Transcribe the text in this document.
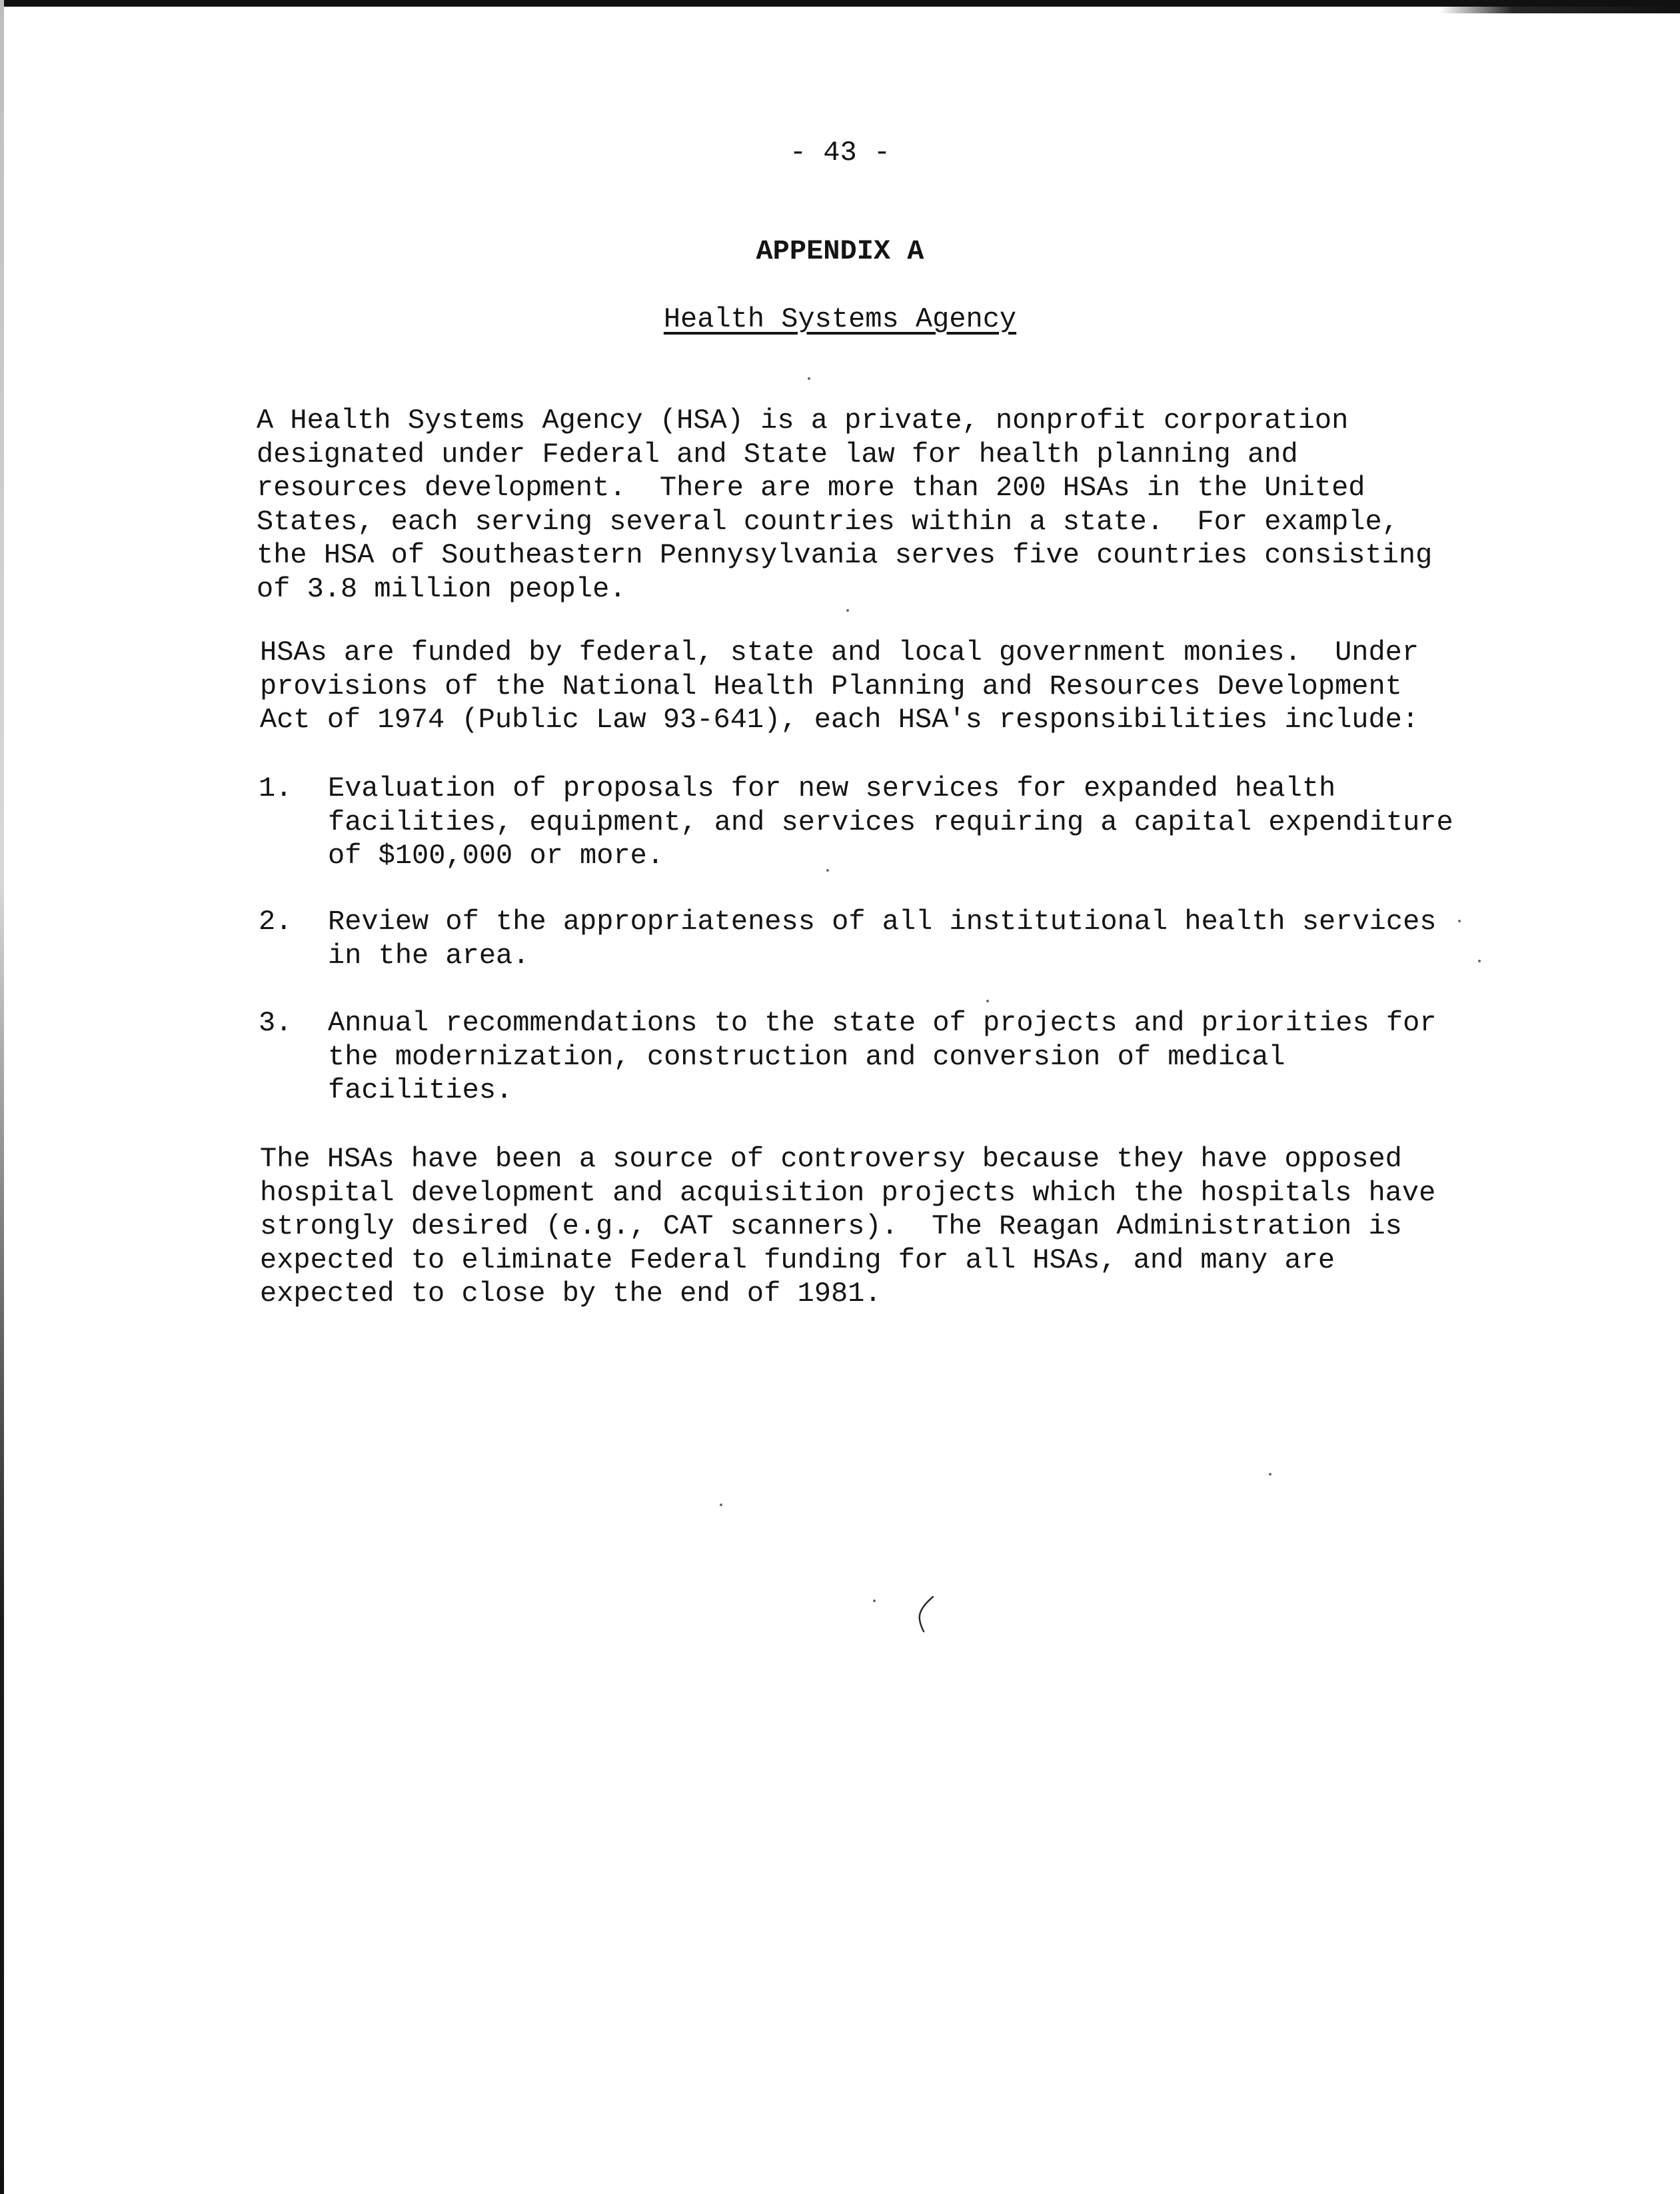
- 43 -
APPENDIX A
Health Systems Agency
A Health Systems Agency (HSA) is a private, nonprofit corporation
designated under Federal and State law for health planning and
resources development.  There are more than 200 HSAs in the United
States, each serving several countries within a state.  For example,
the HSA of Southeastern Pennysylvania serves five countries consisting
of 3.8 million people.
HSAs are funded by federal, state and local government monies.  Under
provisions of the National Health Planning and Resources Development
Act of 1974 (Public Law 93-641), each HSA's responsibilities include:

1.

Evaluation of proposals for new services for expanded health
facilities, equipment, and services requiring a capital expenditure
of $100,000 or more.

2.

Review of the appropriateness of all institutional health services
in the area.

3.

Annual recommendations to the state of projects and priorities for
the modernization, construction and conversion of medical
facilities.

The HSAs have been a source of controversy because they have opposed
hospital development and acquisition projects which the hospitals have
strongly desired (e.g., CAT scanners).  The Reagan Administration is
expected to eliminate Federal funding for all HSAs, and many are
expected to close by the end of 1981.
